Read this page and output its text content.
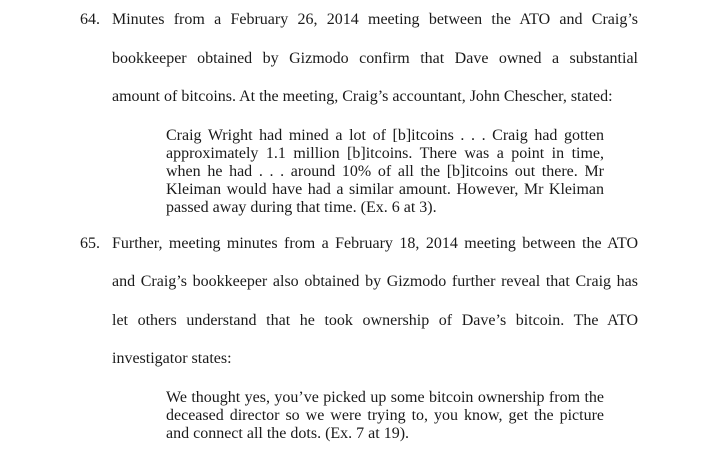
64. Minutes from a February 26, 2014 meeting between the ATO and Craig’s
bookkeeper obtained by Gizmodo confirm that Dave owned a substantial
amount of bitcoins. At the meeting, Craig’s accountant, John Chescher, stated:
Craig Wright had mined a lot of [b]itcoins . . . Craig had gotten approximately 1.1 million [b]itcoins. There was a point in time, when he had . . . around 10% of all the [b]itcoins out there. Mr Kleiman would have had a similar amount. However, Mr Kleiman passed away during that time. (Ex. 6 at 3).
65. Further, meeting minutes from a February 18, 2014 meeting between the ATO
and Craig’s bookkeeper also obtained by Gizmodo further reveal that Craig has
let others understand that he took ownership of Dave’s bitcoin. The ATO
investigator states:
We thought yes, you’ve picked up some bitcoin ownership from the deceased director so we were trying to, you know, get the picture and connect all the dots. (Ex. 7 at 19).
